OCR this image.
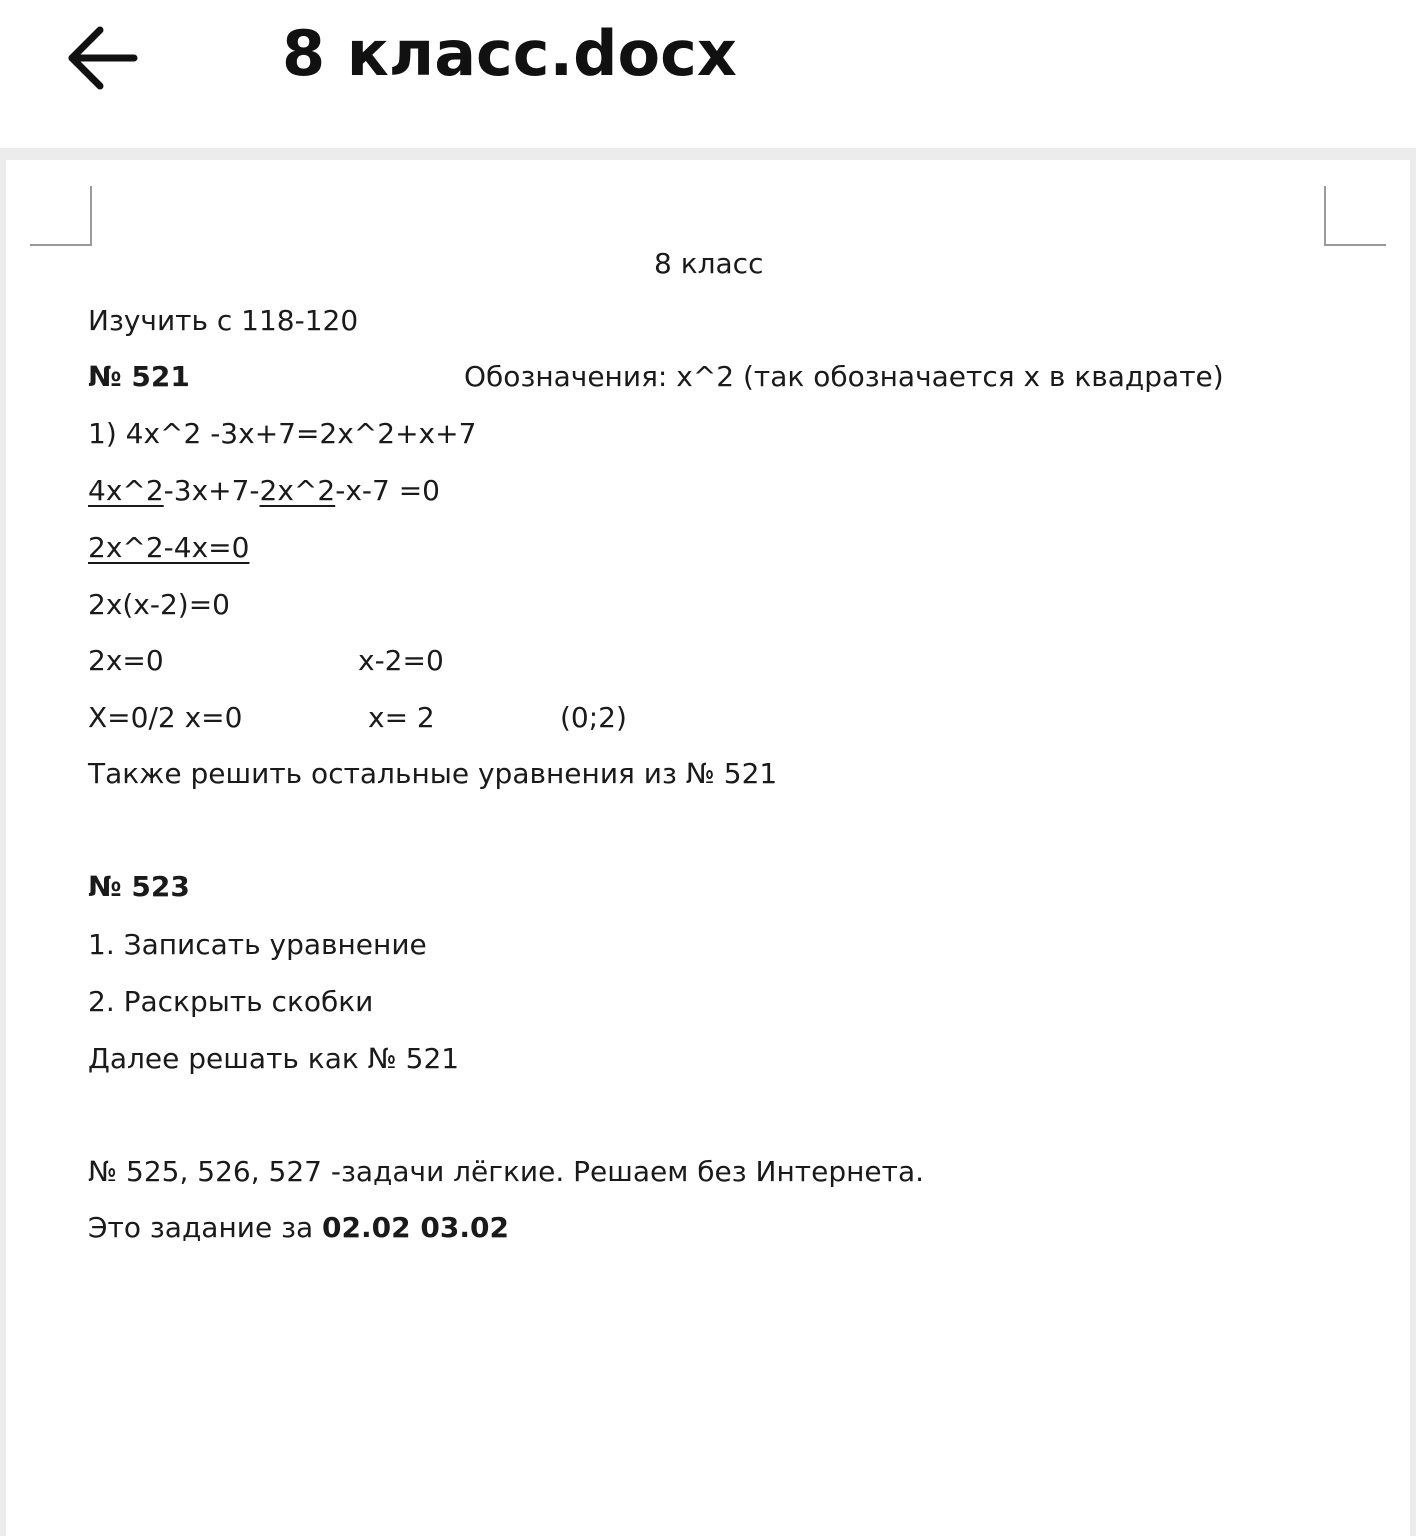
8 класс.docx
8 класс
Изучить с 118-120
№ 521	Обозначения: x^2 (так обозначается x в квадрате)
1) 4x^2 -3x+7=2x^2+x+7
4x^2-3x+7-2x^2-x-7 =0
2x^2-4x=0
2x(x-2)=0
2x=0	x-2=0
X=0/2 x=0	x= 2	(0;2)
Также решить остальные уравнения из № 521
№ 523
1. Записать уравнение
2. Раскрыть скобки
Далее решать как № 521
№ 525, 526, 527 -задачи лёгкие. Решаем без Интернета.
Это задание за 02.02 03.02
